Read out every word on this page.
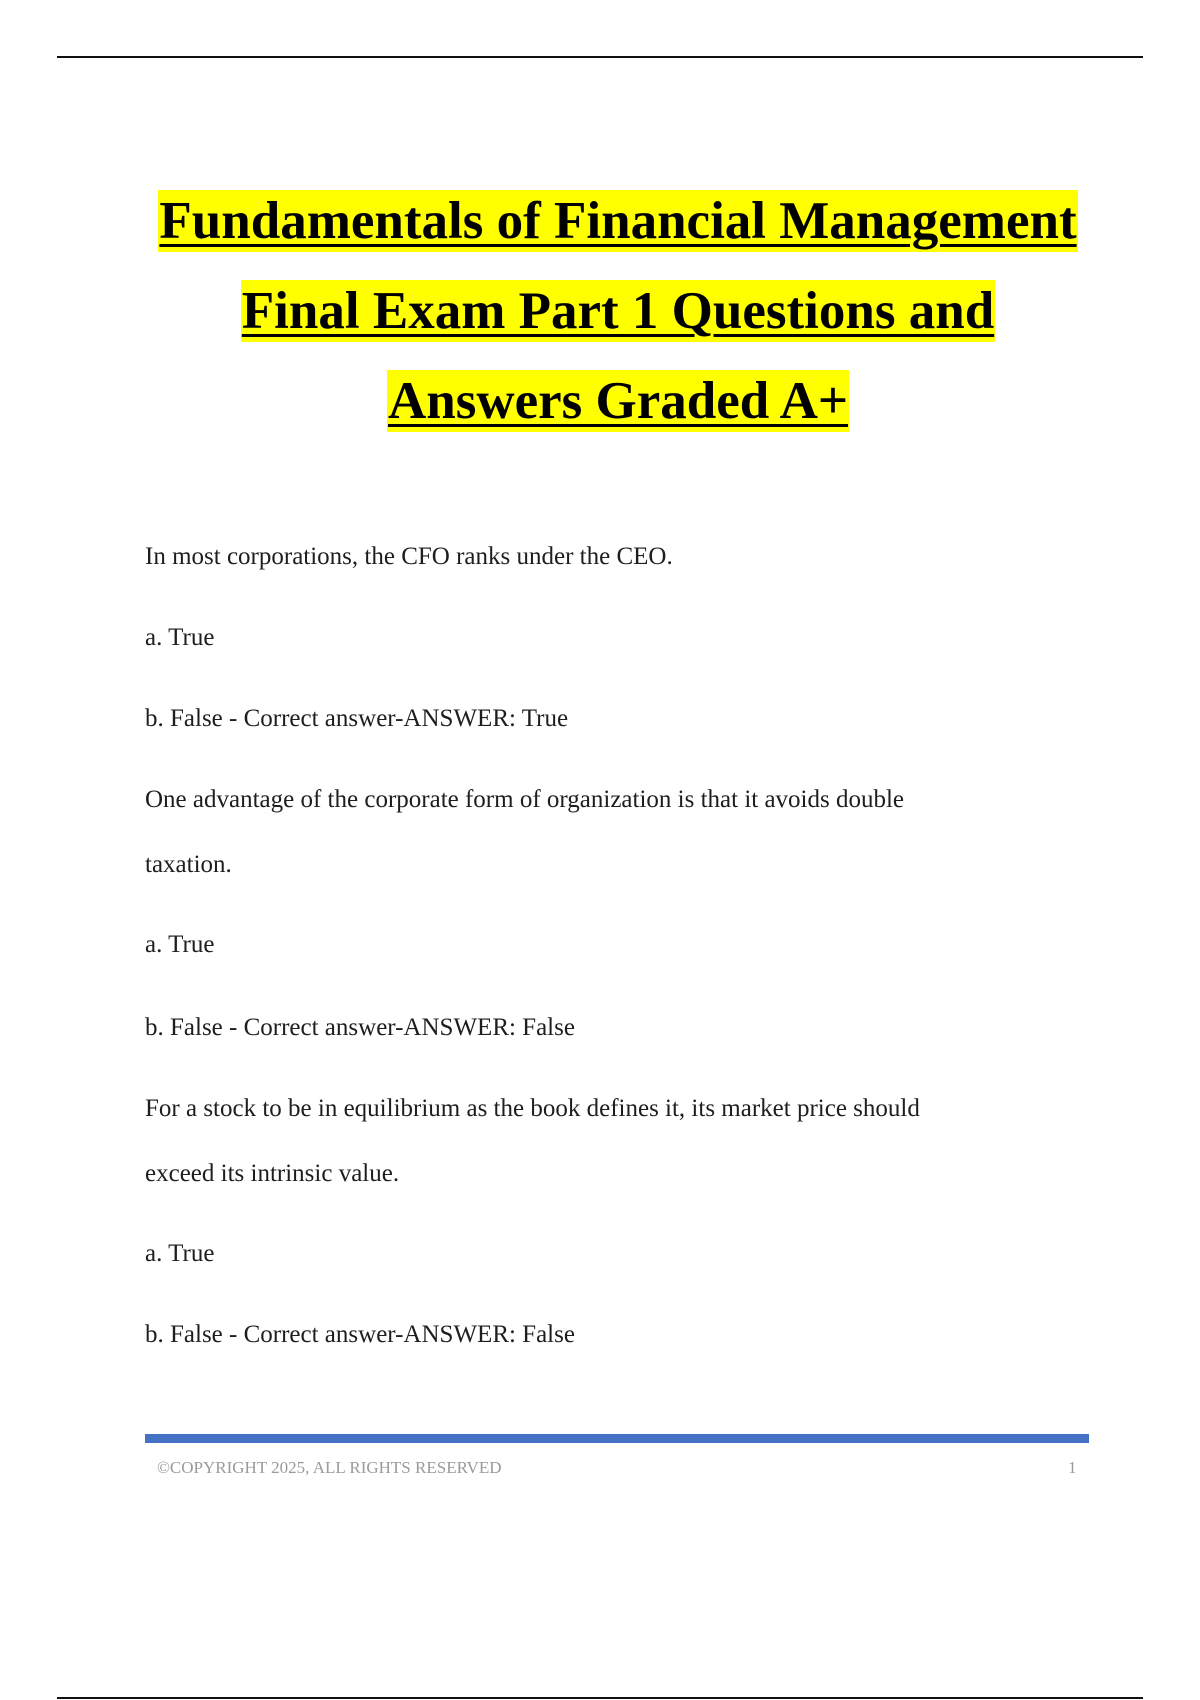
Fundamentals of Financial Management
Final Exam Part 1 Questions and
Answers Graded A+
In most corporations, the CFO ranks under the CEO.
a. True
b. False - Correct answer-ANSWER: True
One advantage of the corporate form of organization is that it avoids double
taxation.
a. True
b. False - Correct answer-ANSWER: False
For a stock to be in equilibrium as the book defines it, its market price should
exceed its intrinsic value.
a. True
b. False - Correct answer-ANSWER: False
©COPYRIGHT 2025, ALL RIGHTS RESERVED	1
